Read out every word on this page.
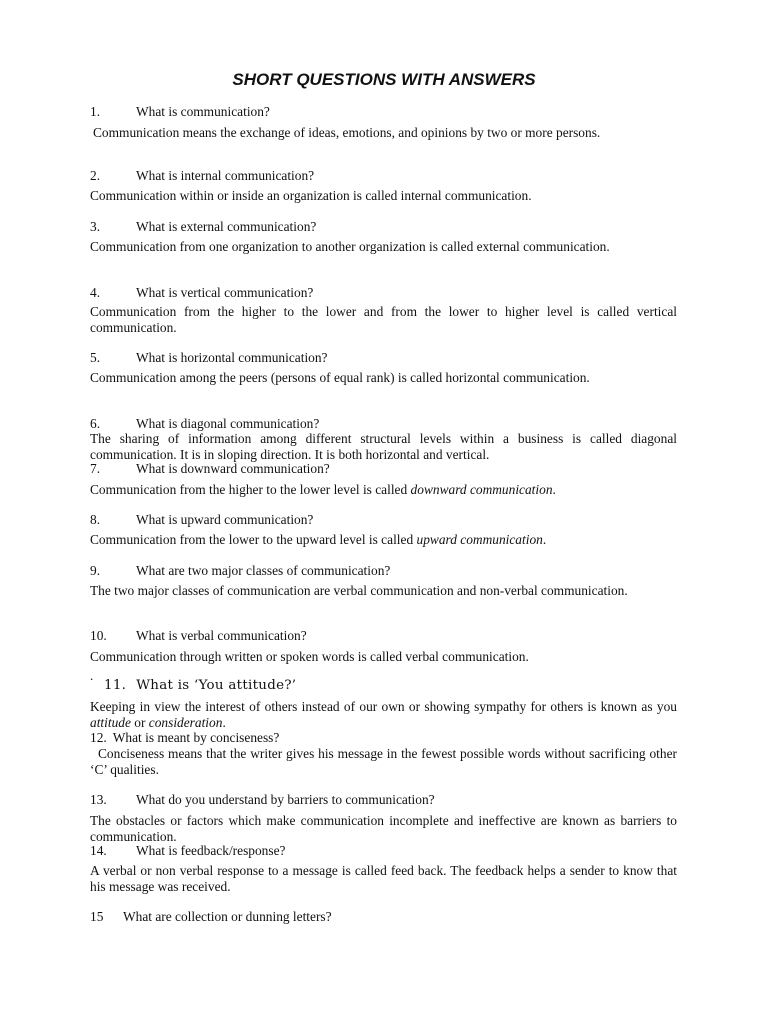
SHORT QUESTIONS WITH ANSWERS
1.	What is communication?
Communication means the exchange of ideas, emotions, and opinions by two or more persons.
2.	What is internal communication?
Communication within or inside an organization is called internal communication.
3.	What is external communication?
Communication from one organization to another organization is called external communication.
4.	What is vertical communication?
Communication from the higher to the lower and from the lower to higher level is called vertical communication.
5.	What is horizontal communication?
Communication among the peers (persons of equal rank) is called horizontal communication.
6.	What is diagonal communication?
The sharing of information among different structural levels within a business is called diagonal communication. It is in sloping direction. It is both horizontal and vertical.
7.	What is downward communication?
Communication from the higher to the lower level is called downward communication.
8.	What is upward communication?
Communication from the lower to the upward level is called upward communication.
9.	What are two major classes of communication?
The two major classes of communication are verbal communication and non-verbal communication.
10. What is verbal communication?
Communication through written or spoken words is called verbal communication.
.
11. What is ‘You attitude?’
Keeping in view the interest of others instead of our own or showing sympathy for others is known as you attitude or consideration.
12. What is meant by conciseness?
Conciseness means that the writer gives his message in the fewest possible words without sacrificing other ‘C’ qualities.
13. What do you understand by barriers to communication?
The obstacles or factors which make communication incomplete and ineffective are known as barriers to communication.
14. What is feedback/response?
A verbal or non verbal response to a message is called feed back. The feedback helps a sender to know that his message was received.
15 What are collection or dunning letters?
